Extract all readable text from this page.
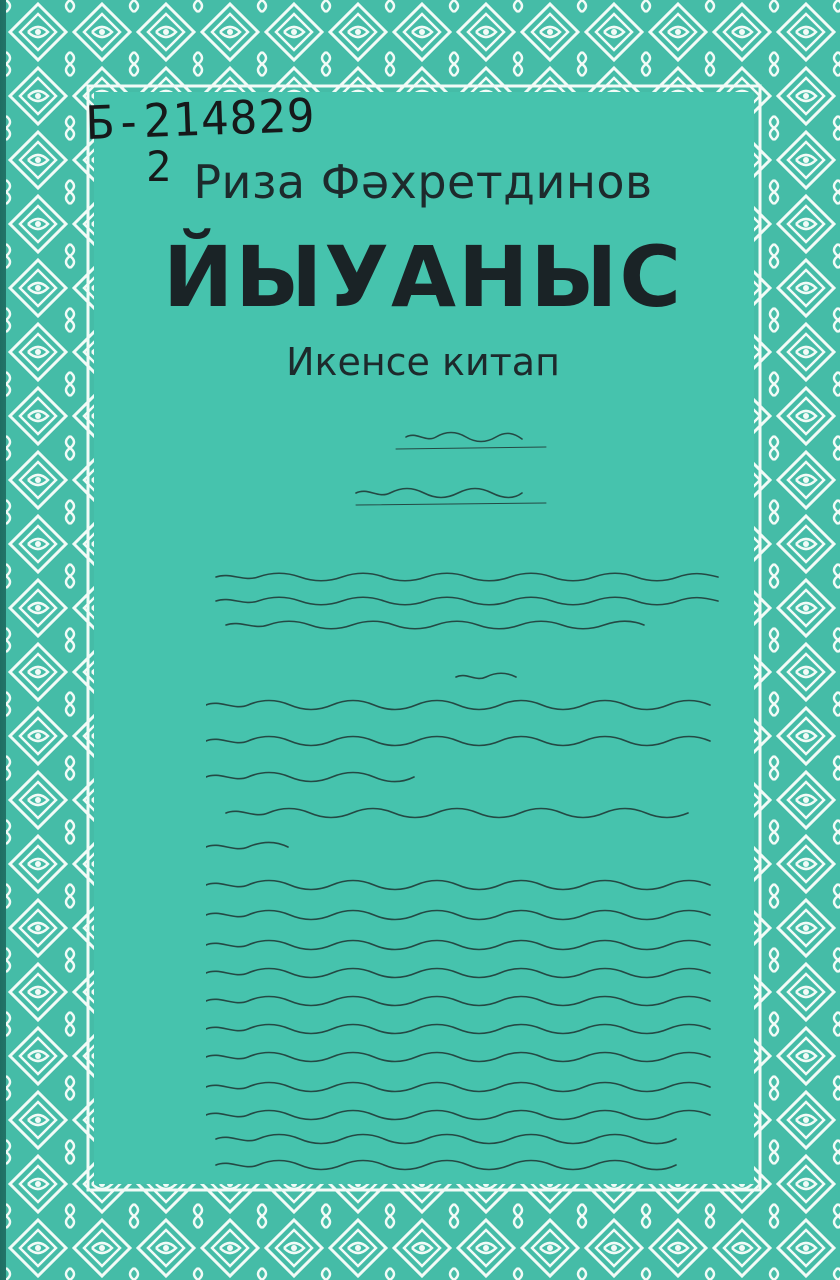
Б-214829
2 Риза Фәхретдинов
ЙЫУАНЫС
Икенсе китап
